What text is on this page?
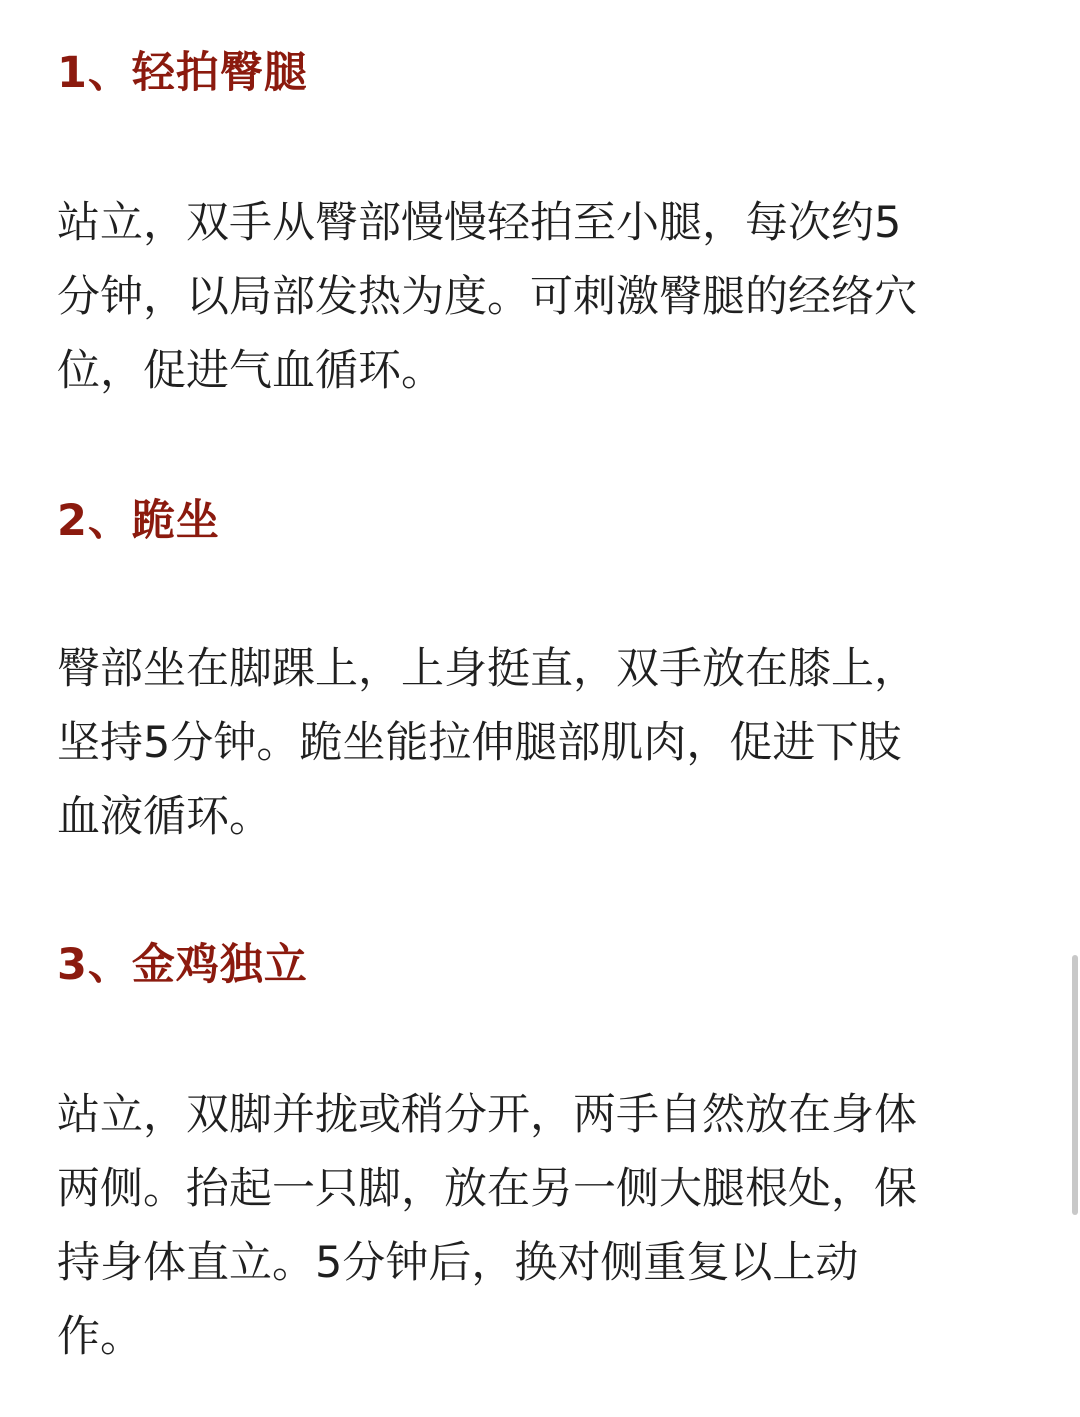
1、轻拍臀腿
站立，双手从臀部慢慢轻拍至小腿，每次约5
分钟，以局部发热为度。可刺激臀腿的经络穴
位，促进气血循环。
2、跪坐
臀部坐在脚踝上，上身挺直，双手放在膝上，
坚持5分钟。跪坐能拉伸腿部肌肉，促进下肢
血液循环。
3、金鸡独立
站立，双脚并拢或稍分开，两手自然放在身体
两侧。抬起一只脚，放在另一侧大腿根处，保
持身体直立。5分钟后，换对侧重复以上动
作。
